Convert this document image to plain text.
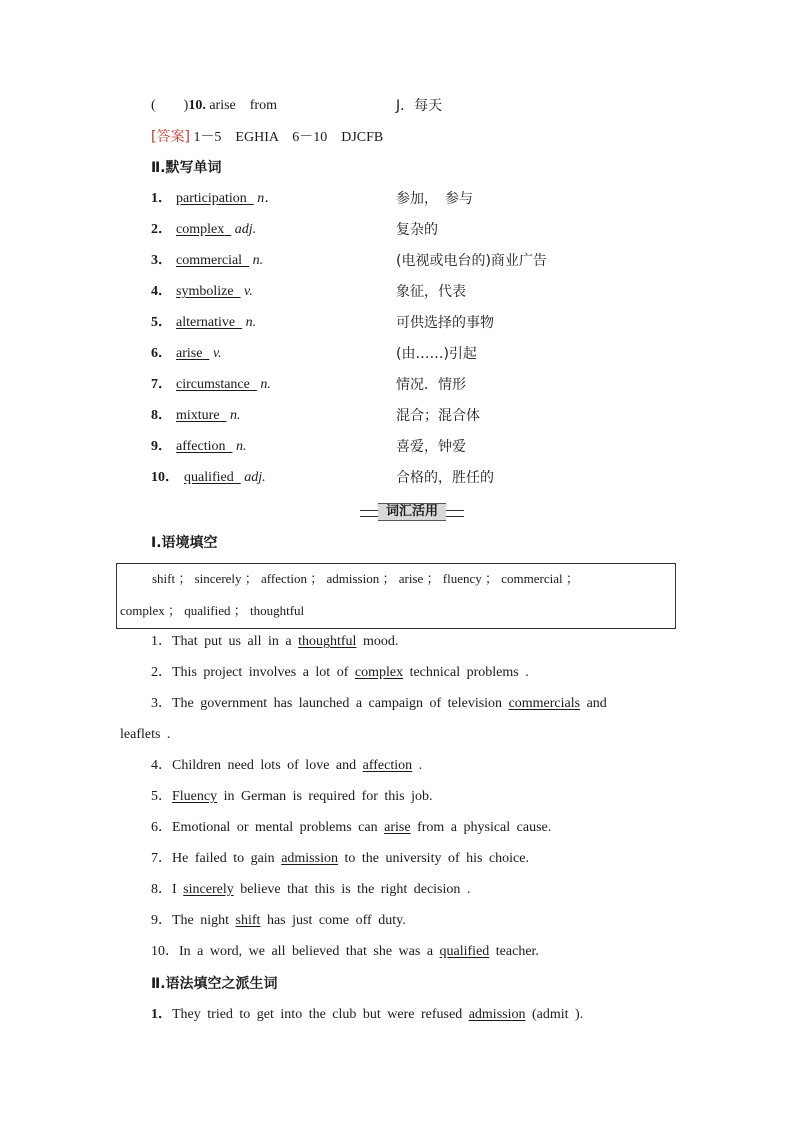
(　　)10. arise　from	J．每天
[答案] 1－5　EGHIA　6－10　DJCFB
Ⅱ.默写单词
1． participation n．	参加，　参与
2． complex adj.	复杂的
3． commercial n.	(电视或电台的)商业广告
4． symbolize v.	象征，代表
5． alternative n.	可供选择的事物
6． arise v.	(由……)引起
7． circumstance n.	情况．情形
8． mixture n.	混合；混合体
9． affection n.	喜爱，钟爱
10． qualified adj.	合格的，胜任的
词汇活用
Ⅰ.语境填空
shift ； sincerely ； affection ； admission ； arise ； fluency ； commercial ；
complex ； qualified ； thoughtful
1．That put us all in a thoughtful mood.
2．This project involves a lot of complex technical problems .
3．The government has launched a campaign of television commercials and
leaflets .
4．Children need lots of love and affection .
5．Fluency in German is required for this job.
6．Emotional or mental problems can arise from a physical cause.
7．He failed to gain admission to the university of his choice.
8．I sincerely believe that this is the right decision .
9．The night shift has just come off duty.
10．In a word, we all believed that she was a qualified teacher.
Ⅱ.语法填空之派生词
1．They tried to get into the club but were refused admission (admit ).
